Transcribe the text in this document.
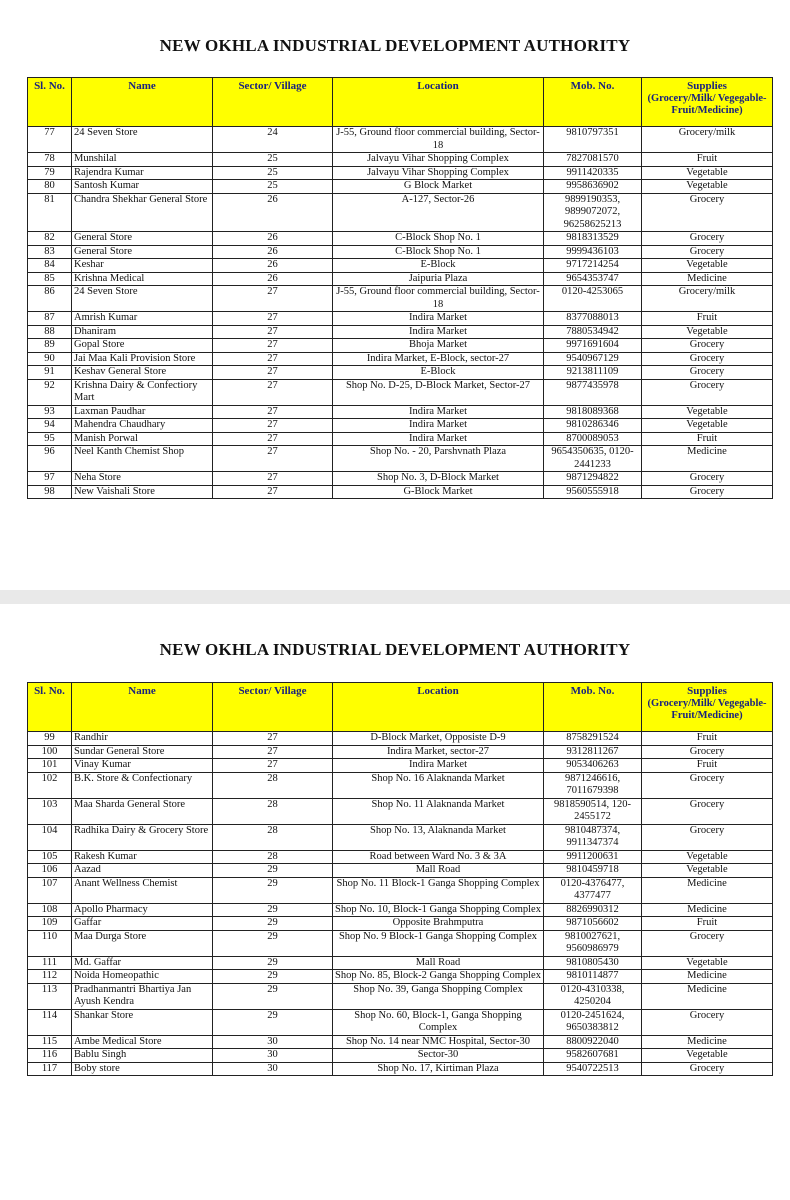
NEW OKHLA INDUSTRIAL DEVELOPMENT AUTHORITY
Sl. No.	Name	Sector/ Village	Location	Mob. No.	Supplies
(Grocery/Milk/ Vegegable-Fruit/Medicine)

77	24 Seven Store	24	J-55, Ground floor commercial building, Sector-18	9810797351	Grocery/milk
78	Munshilal	25	Jalvayu Vihar Shopping Complex	7827081570	Fruit
79	Rajendra Kumar	25	Jalvayu Vihar Shopping Complex	9911420335	Vegetable
80	Santosh Kumar	25	G Block Market	9958636902	Vegetable
81	Chandra Shekhar General Store	26	A-127, Sector-26	9899190353, 9899072072, 96258625213	Grocery
82	General Store	26	C-Block Shop No. 1	9818313529	Grocery
83	General Store	26	C-Block Shop No. 1	9999436103	Grocery
84	Keshar	26	E-Block	9717214254	Vegetable
85	Krishna Medical	26	Jaipuria Plaza	9654353747	Medicine
86	24 Seven Store	27	J-55, Ground floor commercial building, Sector-18	0120-4253065	Grocery/milk
87	Amrish Kumar	27	Indira Market	8377088013	Fruit
88	Dhaniram	27	Indira Market	7880534942	Vegetable
89	Gopal Store	27	Bhoja Market	9971691604	Grocery
90	Jai Maa Kali Provision Store	27	Indira Market, E-Block, sector-27	9540967129	Grocery
91	Keshav General Store	27	E-Block	9213811109	Grocery
92	Krishna Dairy & Confectiory Mart	27	Shop No. D-25, D-Block Market, Sector-27	9877435978	Grocery
93	Laxman Paudhar	27	Indira Market	9818089368	Vegetable
94	Mahendra Chaudhary	27	Indira Market	9810286346	Vegetable
95	Manish Porwal	27	Indira Market	8700089053	Fruit
96	Neel Kanth Chemist Shop	27	Shop No. - 20, Parshvnath Plaza	9654350635, 0120-2441233	Medicine
97	Neha Store	27	Shop No. 3, D-Block Market	9871294822	Grocery
98	New Vaishali Store	27	G-Block Market	9560555918	Grocery
NEW OKHLA INDUSTRIAL DEVELOPMENT AUTHORITY
Sl. No.	Name	Sector/ Village	Location	Mob. No.	Supplies
(Grocery/Milk/ Vegegable-Fruit/Medicine)

99	Randhir	27	D-Block Market, Opposiste D-9	8758291524	Fruit
100	Sundar General Store	27	Indira Market, sector-27	9312811267	Grocery
101	Vinay Kumar	27	Indira Market	9053406263	Fruit
102	B.K. Store & Confectionary	28	Shop No. 16 Alaknanda Market	9871246616, 7011679398	Grocery
103	Maa Sharda General Store	28	Shop No. 11 Alaknanda Market	9818590514, 120-2455172	Grocery
104	Radhika Dairy & Grocery Store	28	Shop No. 13, Alaknanda Market	9810487374, 9911347374	Grocery
105	Rakesh Kumar	28	Road between Ward No. 3 & 3A	9911200631	Vegetable
106	Aazad	29	Mall Road	9810459718	Vegetable
107	Anant Wellness Chemist	29	Shop No. 11 Block-1 Ganga Shopping Complex	0120-4376477, 4377477	Medicine
108	Apollo Pharmacy	29	Shop No. 10, Block-1 Ganga Shopping Complex	8826990312	Medicine
109	Gaffar	29	Opposite Brahmputra	9871056602	Fruit
110	Maa Durga Store	29	Shop No. 9 Block-1 Ganga Shopping Complex	9810027621, 9560986979	Grocery
111	Md. Gaffar	29	Mall Road	9810805430	Vegetable
112	Noida Homeopathic	29	Shop No. 85, Block-2 Ganga Shopping Complex	9810114877	Medicine
113	Pradhanmantri Bhartiya Jan Ayush Kendra	29	Shop No. 39, Ganga Shopping Complex	0120-4310338, 4250204	Medicine
114	Shankar Store	29	Shop No. 60, Block-1, Ganga Shopping Complex	0120-2451624, 9650383812	Grocery
115	Ambe Medical Store	30	Shop No. 14 near NMC Hospital, Sector-30	8800922040	Medicine
116	Bablu Singh	30	Sector-30	9582607681	Vegetable
117	Boby store	30	Shop No. 17, Kirtiman Plaza	9540722513	Grocery
